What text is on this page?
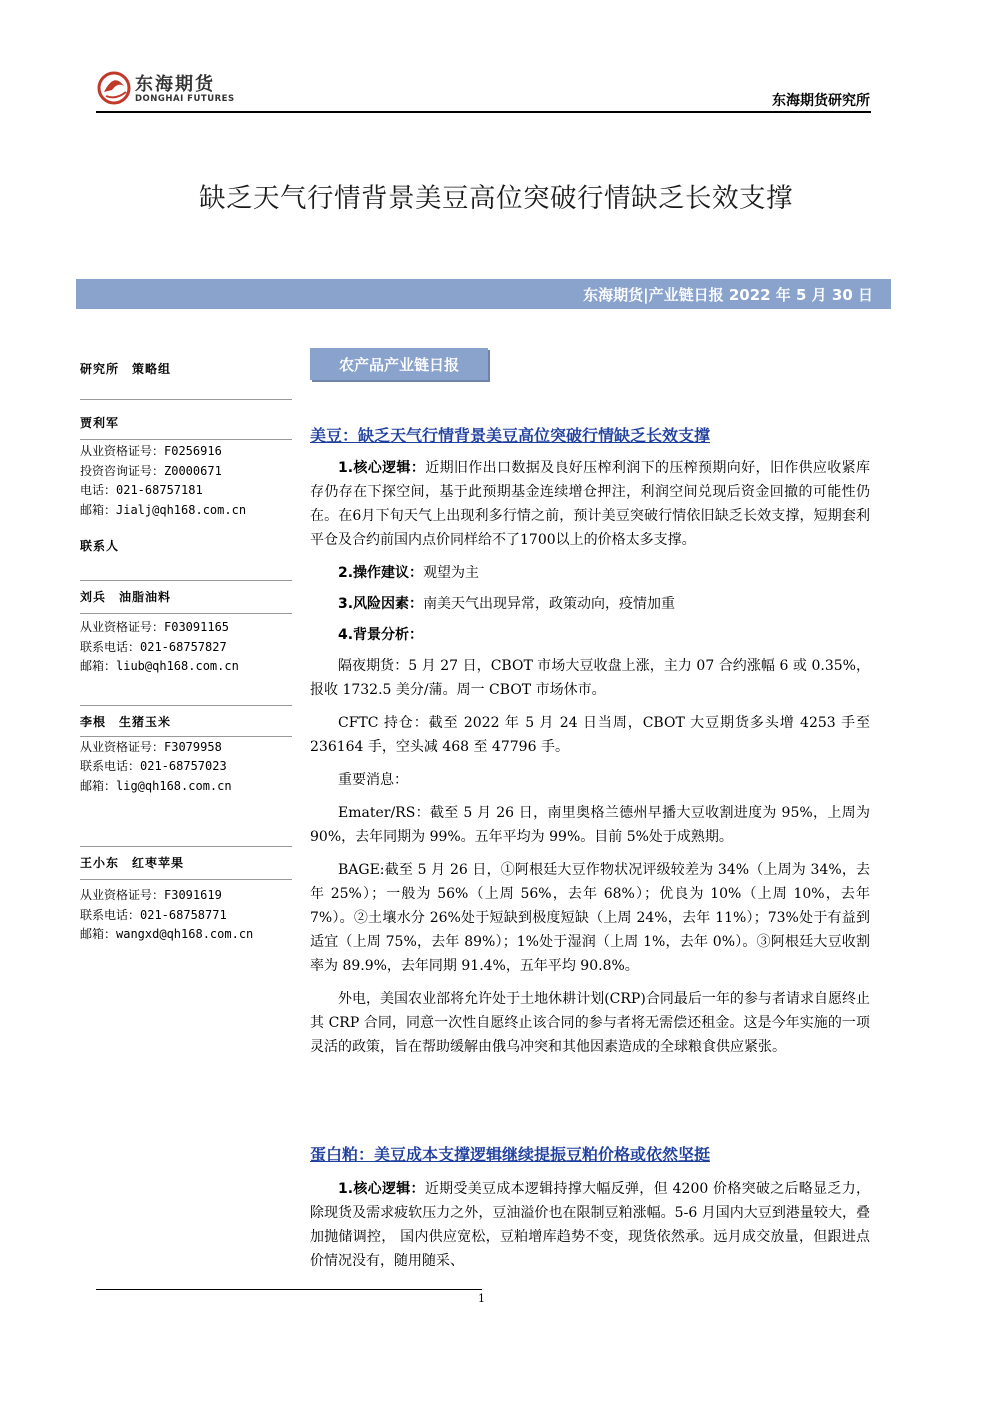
东海期货
DONGHAI FUTURES	东海期货研究所
缺乏天气行情背景美豆高位突破行情缺乏长效支撑
东海期货|产业链日报 2022 年 5 月 30 日
研究所　策略组
贾利军
从业资格证号：F0256916
投资咨询证号：Z0000671
电话：021-68757181
邮箱：Jialj@qh168.com.cn
联系人
刘兵　油脂油料
从业资格证号：F03091165
联系电话：021-68757827
邮箱：liub@qh168.com.cn
李根　生猪玉米
从业资格证号：F3079958
联系电话：021-68757023
邮箱：lig@qh168.com.cn
王小东　红枣苹果
从业资格证号：F3091619
联系电话：021-68758771
邮箱：wangxd@qh168.com.cn
农产品产业链日报
美豆：缺乏天气行情背景美豆高位突破行情缺乏长效支撑

1.核心逻辑：近期旧作出口数据及良好压榨利润下的压榨预期向好，旧作供应收紧库存仍存在下探空间，基于此预期基金连续增仓押注，利润空间兑现后资金回撤的可能性仍在。在6月下旬天气上出现利多行情之前，预计美豆突破行情依旧缺乏长效支撑，短期套利平仓及合约前国内点价同样给不了1700以上的价格太多支撑。

2.操作建议：观望为主

3.风险因素：南美天气出现异常，政策动向，疫情加重

4.背景分析：

隔夜期货：5 月 27 日，CBOT 市场大豆收盘上涨，主力 07 合约涨幅 6 或 0.35%，报收 1732.5 美分/蒲。周一 CBOT 市场休市。

CFTC 持仓：截至 2022 年 5 月 24 日当周，CBOT 大豆期货多头增 4253 手至 236164 手，空头减 468 至 47796 手。

重要消息：

Emater/RS：截至 5 月 26 日，南里奥格兰德州早播大豆收割进度为 95%，上周为 90%，去年同期为 99%。五年平均为 99%。目前 5%处于成熟期。

BAGE:截至 5 月 26 日，①阿根廷大豆作物状况评级较差为 34%（上周为 34%，去年 25%）；一般为 56%（上周 56%，去年 68%）；优良为 10%（上周 10%，去年 7%）。②土壤水分 26%处于短缺到极度短缺（上周 24%，去年 11%）；73%处于有益到适宜（上周 75%，去年 89%）；1%处于湿润（上周 1%，去年 0%）。③阿根廷大豆收割率为 89.9%，去年同期 91.4%，五年平均 90.8%。

外电，美国农业部将允许处于土地休耕计划(CRP)合同最后一年的参与者请求自愿终止其 CRP 合同，同意一次性自愿终止该合同的参与者将无需偿还租金。这是今年实施的一项灵活的政策，旨在帮助缓解由俄乌冲突和其他因素造成的全球粮食供应紧张。

蛋白粕：美豆成本支撑逻辑继续提振豆粕价格或依然坚挺

1.核心逻辑：近期受美豆成本逻辑持撑大幅反弹，但 4200 价格突破之后略显乏力，除现货及需求疲软压力之外，豆油溢价也在限制豆粕涨幅。5-6 月国内大豆到港量较大，叠加抛储调控， 国内供应宽松，豆粕增库趋势不变，现货依然承。远月成交放量，但跟进点价情况没有，随用随采、

1
